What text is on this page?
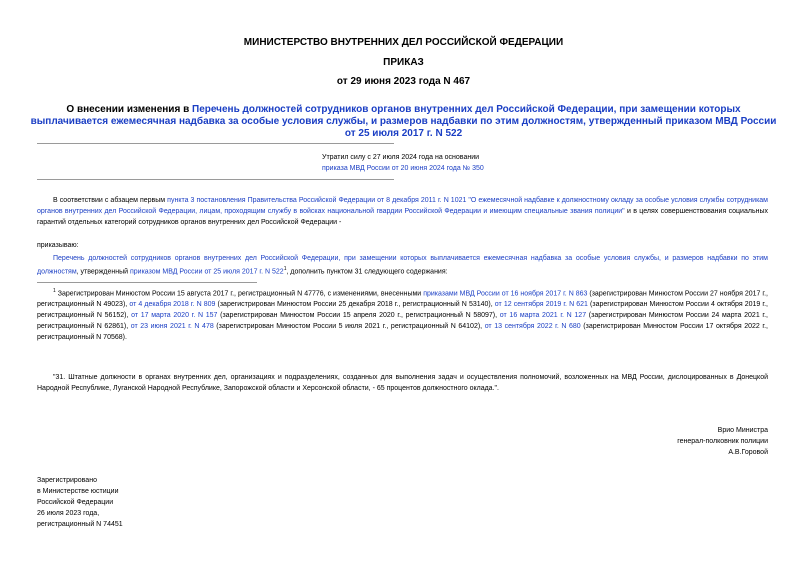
МИНИСТЕРСТВО ВНУТРЕННИХ ДЕЛ РОССИЙСКОЙ ФЕДЕРАЦИИ
ПРИКАЗ
от 29 июня 2023 года N 467
О внесении изменения в Перечень должностей сотрудников органов внутренних дел Российской Федерации, при замещении которых выплачивается ежемесячная надбавка за особые условия службы, и размеров надбавки по этим должностям, утвержденный приказом МВД России от 25 июля 2017 г. N 522
Утратил силу с 27 июля 2024 года на основании
приказа МВД России от 20 июня 2024 года № 350
В соответствии с абзацем первым пункта 3 постановления Правительства Российской Федерации от 8 декабря 2011 г. N 1021 "О ежемесячной надбавке к должностному окладу за особые условия службы сотрудникам органов внутренних дел Российской Федерации, лицам, проходящим службу в войсках национальной гвардии Российской Федерации и имеющим специальные звания полиции" и в целях совершенствования социальных гарантий отдельных категорий сотрудников органов внутренних дел Российской Федерации -
приказываю:
Перечень должностей сотрудников органов внутренних дел Российской Федерации, при замещении которых выплачивается ежемесячная надбавка за особые условия службы, и размеров надбавки по этим должностям, утвержденный приказом МВД России от 25 июля 2017 г. N $522^1$, дополнить пунктом 31 следующего содержания:
$^1$ Зарегистрирован Минюстом России 15 августа 2017 г., регистрационный N 47776, с изменениями, внесенными приказами МВД России от 16 ноября 2017 г. N 863 (зарегистрирован Минюстом России 27 ноября 2017 г., регистрационный N 49023), от 4 декабря 2018 г. N 809 (зарегистрирован Минюстом России 25 декабря 2018 г., регистрационный N 53140), от 12 сентября 2019 г. N 621 (зарегистрирован Минюстом России 4 октября 2019 г., регистрационный N 56152), от 17 марта 2020 г. N 157 (зарегистрирован Минюстом России 15 апреля 2020 г., регистрационный N 58097), от 16 марта 2021 г. N 127 (зарегистрирован Минюстом России 24 марта 2021 г., регистрационный N 62861), от 23 июня 2021 г. N 478 (зарегистрирован Минюстом России 5 июля 2021 г., регистрационный N 64102), от 13 сентября 2022 г. N 680 (зарегистрирован Минюстом России 17 октября 2022 г., регистрационный N 70568).
"31. Штатные должности в органах внутренних дел, организациях и подразделениях, созданных для выполнения задач и осуществления полномочий, возложенных на МВД России, дислоцированных в Донецкой Народной Республике, Луганской Народной Республике, Запорожской области и Херсонской области, - 65 процентов должностного оклада.".
Врио Министра
генерал-полковник полиции
А.В.Горовой
Зарегистрировано
в Министерстве юстиции
Российской Федерации
26 июля 2023 года,
регистрационный N 74451
